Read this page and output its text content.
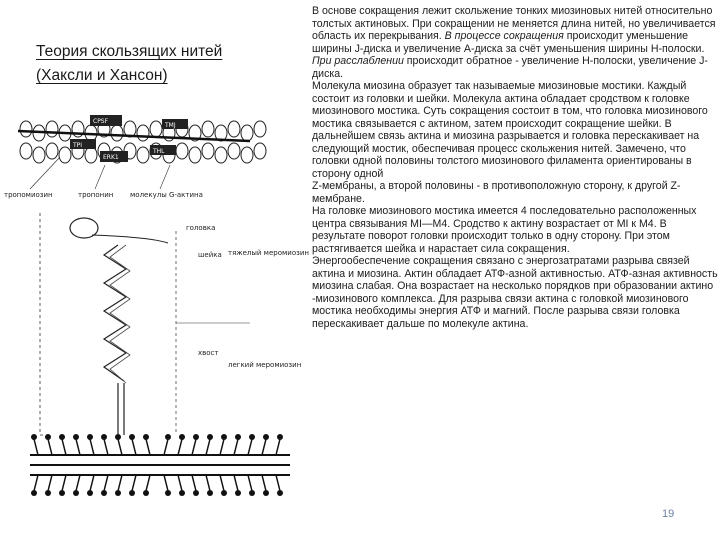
Теория скользящих нитей (Хаксли и Хансон)
CPSF
TMJ
TPI
THL
ERK1
тропомиозин	тропонин молекулы G-актина
головка
шейка тяжелый меромиозин
хвост
легкий меромиозин

В основе сокращения лежит скольжение тонких миозиновых нитей относительно толстых актиновых. При сокращении не меняется длина нитей, но увеличивается область их перекрывания. В процессе сокращения происходит уменьшение ширины J-диска и увеличение А-диска за счёт уменьшения ширины Н-полоски. При расслаблении происходит обратное - увеличение Н-полоски, увеличение J-диска.

Молекула миозина образует так называемые миозиновые мостики. Каждый состоит из головки и шейки. Молекула актина обладает сродством к головке миозинового мостика. Суть сокращения состоит в том, что головка миозинового мостика связывается с актином, затем происходит сокращение шейки. В дальнейшем связь актина и миозина разрывается и головка перескакивает на следующий мостик, обеспечивая процесс скольжения нитей. Замечено, что головки одной половины толстого миозинового филамента ориентированы в сторону одной

Z-мембраны, а второй половины - в противоположную сторону, к другой Z-мембране.

На головке миозинового мостика имеется 4 последовательно расположенных центра связывания MI—M4. Сродство к актину возрастает от MI к M4. В результате поворот головки происходит только в одну сторону. При этом растягивается шейка и нарастает сила сокращения.

Энергообеспечение сокращения связано с энергозатратами разрыва связей актина и миозина. Актин обладает АТФ-азной активностью. АТФ-азная активность миозина слабая. Она возрастает на несколько порядков при образовании актино -миозинового комплекса. Для разрыва связи актина с головкой миозинового мостика необходимы энергия АТФ и магний. После разрыва связи головка перескакивает дальше по молекуле актина.

19
